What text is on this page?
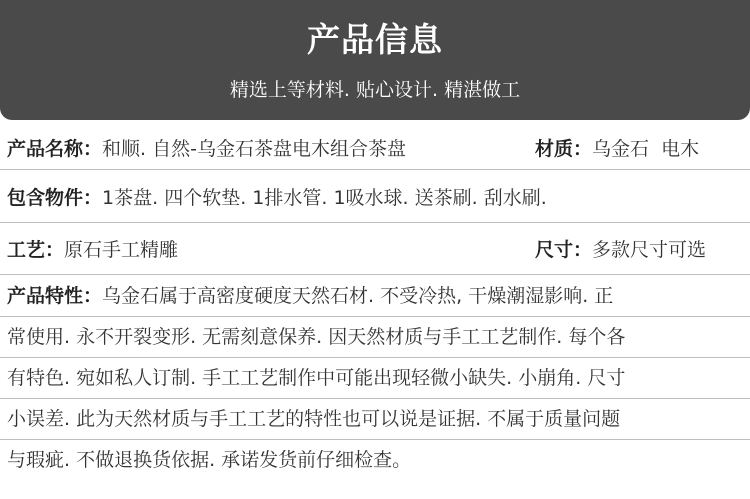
产品信息
精选上等材料. 贴心设计. 精湛做工
产品名称 ： 和顺. 自然-乌金石茶盘电木组合茶盘	材质 ： 乌金石  电木
包含物件 ： 1茶盘. 四个软垫. 1排水管. 1吸水球. 送茶刷. 刮水刷.
工艺 ： 原石手工精雕	尺寸 ： 多款尺寸可选
产品特性：乌金石属于高密度硬度天然石材. 不受冷热, 干燥潮湿影响. 正
常使用. 永不开裂变形. 无需刻意保养. 因天然材质与手工工艺制作. 每个各
有特色. 宛如私人订制. 手工工艺制作中可能出现轻微小缺失. 小崩角. 尺寸
小误差. 此为天然材质与手工工艺的特性也可以说是证据. 不属于质量问题
与瑕疵. 不做退换货依据. 承诺发货前仔细检查。
